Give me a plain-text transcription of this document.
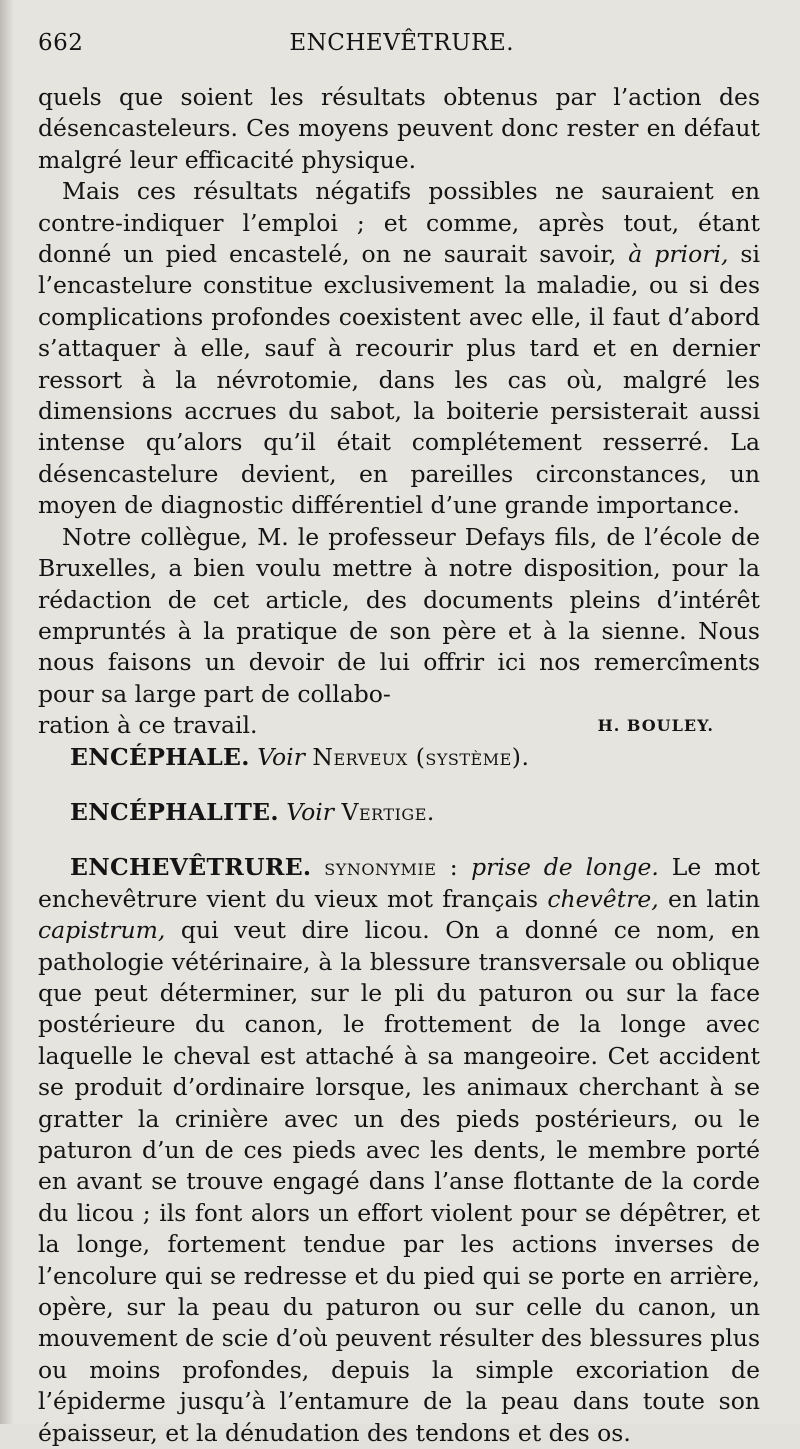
662	ENCHEVÊTRURE.

quels que soient les résultats obtenus par l’action des désencasteleurs. Ces moyens peuvent donc rester en défaut malgré leur efficacité physique.

Mais ces résultats négatifs possibles ne sauraient en contre-indiquer l’emploi ; et comme, après tout, étant donné un pied encastelé, on ne saurait savoir, à priori, si l’encastelure constitue exclusivement la maladie, ou si des complications profondes coexistent avec elle, il faut d’abord s’attaquer à elle, sauf à recourir plus tard et en dernier ressort à la névrotomie, dans les cas où, malgré les dimensions accrues du sabot, la boiterie persisterait aussi intense qu’alors qu’il était complétement resserré. La désencastelure devient, en pareilles circonstances, un moyen de diagnostic différentiel d’une grande importance.

Notre collègue, M. le professeur Defays fils, de l’école de Bruxelles, a bien voulu mettre à notre disposition, pour la rédaction de cet article, des documents pleins d’intérêt empruntés à la pratique de son père et à la sienne. Nous nous faisons un devoir de lui offrir ici nos remercîments pour sa large part de collabo-

ration à ce travail.	H. BOULEY.

ENCÉPHALE. Voir Nerveux (système).

ENCÉPHALITE. Voir Vertige.

ENCHEVÊTRURE. synonymie : prise de longe. Le mot enchevêtrure vient du vieux mot français chevêtre, en latin capistrum, qui veut dire licou. On a donné ce nom, en pathologie vétérinaire, à la blessure transversale ou oblique que peut déterminer, sur le pli du paturon ou sur la face postérieure du canon, le frottement de la longe avec laquelle le cheval est attaché à sa mangeoire. Cet accident se produit d’ordinaire lorsque, les animaux cherchant à se gratter la crinière avec un des pieds postérieurs, ou le paturon d’un de ces pieds avec les dents, le membre porté en avant se trouve engagé dans l’anse flottante de la corde du licou ; ils font alors un effort violent pour se dépêtrer, et la longe, fortement tendue par les actions inverses de l’encolure qui se redresse et du pied qui se porte en arrière, opère, sur la peau du paturon ou sur celle du canon, un mouvement de scie d’où peuvent résulter des blessures plus ou moins profondes, depuis la simple excoriation de l’épiderme jusqu’à l’entamure de la peau dans toute son épaisseur, et la dénudation des tendons et des os.
